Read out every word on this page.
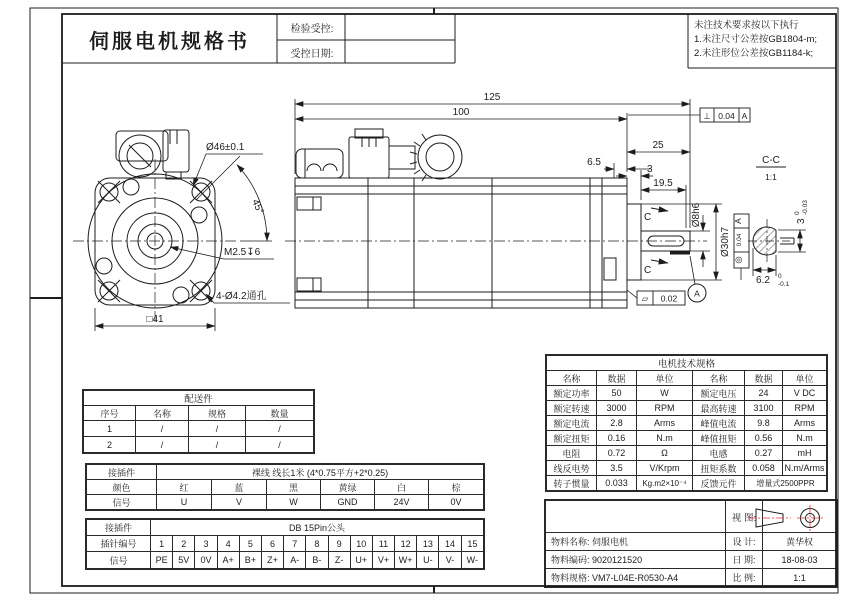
伺服电机规格书
检验受控:
受控日期:
未注技术要求按以下执行
1.未注尺寸公差按GB1804-m;
2.未注形位公差按GB1184-k;
配送件			
序号	名称	规格	数量
1	/	/	/
2	/	/	/
接插件	裸线 线长1米 (4*0.75平方+2*0.25)					
颜色	红	蓝	黑	黄绿	白	棕
信号	U	V	W	GND	24V	0V
接插件	DB 15Pin公头														
插针编号	1	2	3	4	5	6	7	8	9	10	11	12	13	14	15
信号	PE	5V	0V	A+	B+	Z+	A-	B-	Z-	U+	V+	W+	U-	V-	W-
电机技术规格					
名称	数据	单位	名称	数据	单位
额定功率	50	W	额定电压	24	V DC
额定转速	3000	RPM	最高转速	3100	RPM
额定电流	2.8	Arms	峰值电流	9.8	Arms
额定扭矩	0.16	N.m	峰值扭矩	0.56	N.m
电阻	0.72	Ω	电感	0.27	mH
线反电势	3.5	V/Krpm	扭矩系数	0.058	N.m/Arms
转子惯量	0.033	Kg.m2×10⁻⁴	反馈元件	增量式2500PPR	
	视 图:	
物料名称: 伺服电机	设 计:	黄华权
物料编码: 9020121520	日 期:	18-08-03
物料规格: VM7-L04E-R0530-A4	比 例:	1:1
Ø46±0.1
45°
M2.5↧6
4-Ø4.2通孔
□41
A
C
C
125
100
25
6.5
3
19.5
Ø8h6
Ø30h7
A
0.04
◎
⊥ 0.04 A
▱ 0.02
C-C
1:1
3
0 -0.03
6.2 0
-0.1
